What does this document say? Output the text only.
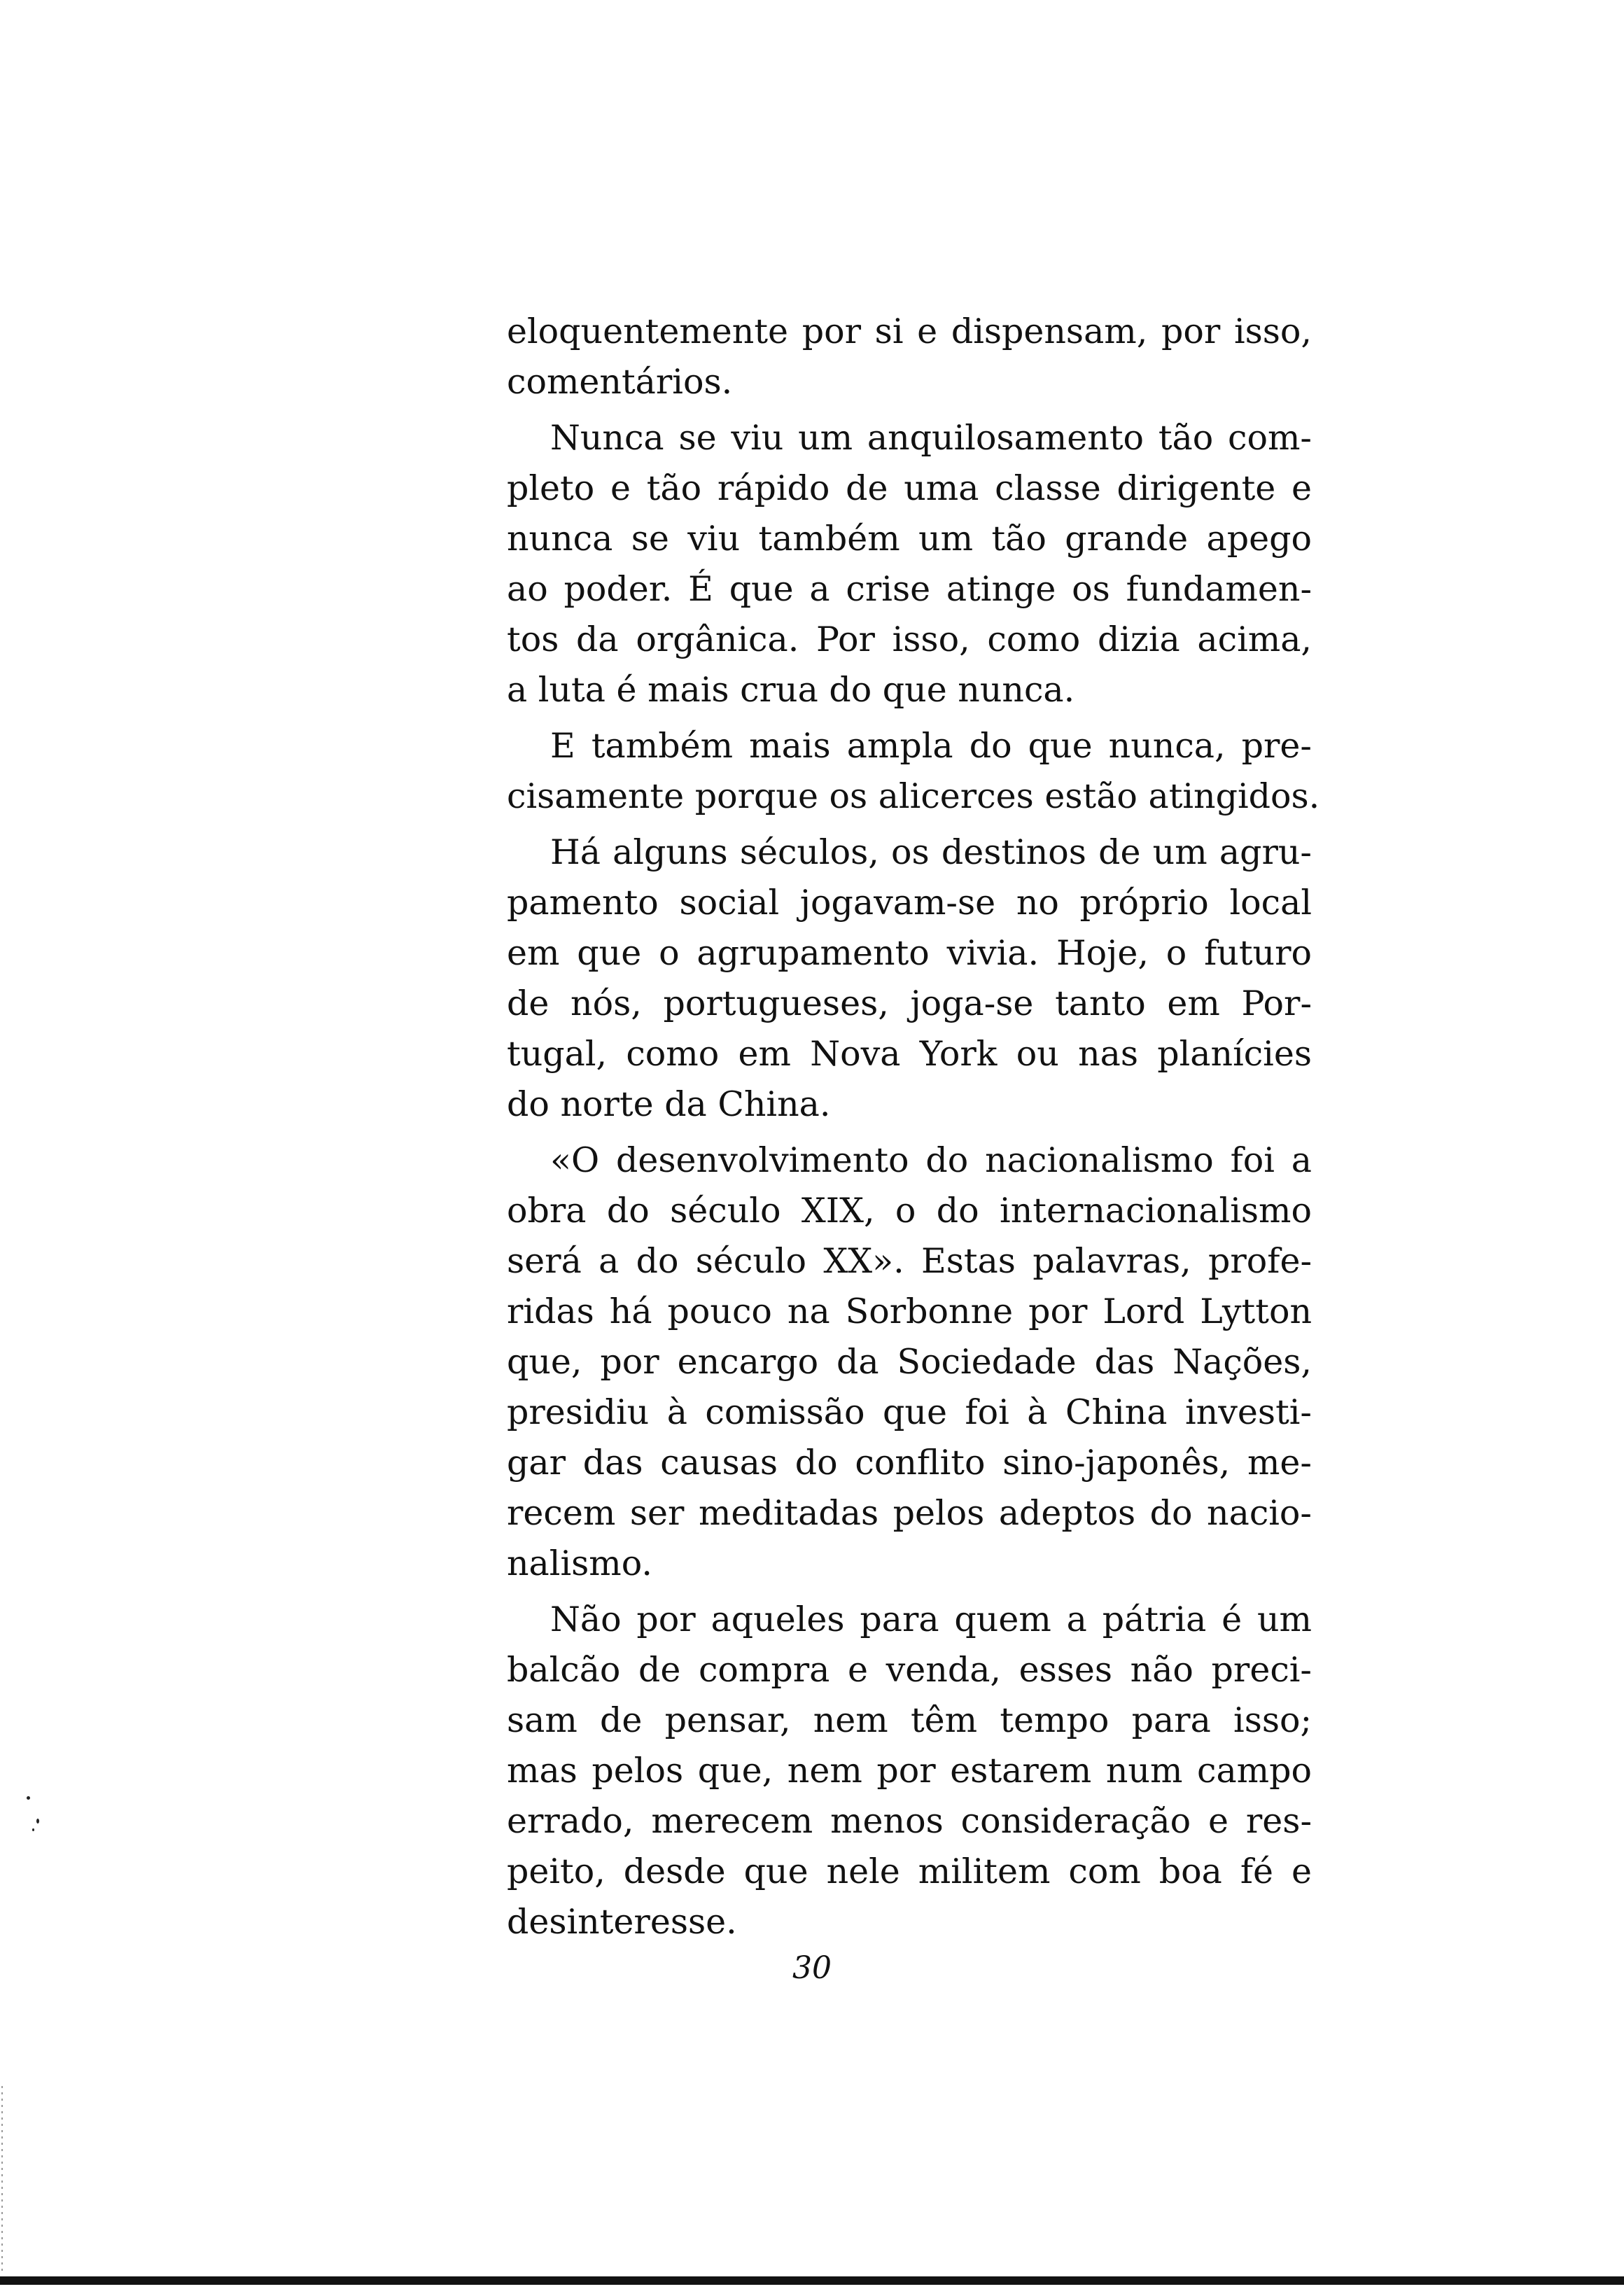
eloquentemente por si e dispensam, por isso,
comentários.
Nunca se viu um anquilosamento tão com-
pleto e tão rápido de uma classe dirigente e
nunca se viu também um tão grande apego
ao poder. É que a crise atinge os fundamen-
tos da orgânica. Por isso, como dizia acima,
a luta é mais crua do que nunca.
E também mais ampla do que nunca, pre-
cisamente porque os alicerces estão atingidos.
Há alguns séculos, os destinos de um agru-
pamento social jogavam-se no próprio local
em que o agrupamento vivia. Hoje, o futuro
de nós, portugueses, joga-se tanto em Por-
tugal, como em Nova York ou nas planícies
do norte da China.
«O desenvolvimento do nacionalismo foi a
obra do século XIX, o do internacionalismo
será a do século XX». Estas palavras, profe-
ridas há pouco na Sorbonne por Lord Lytton
que, por encargo da Sociedade das Nações,
presidiu à comissão que foi à China investi-
gar das causas do conflito sino-japonês, me-
recem ser meditadas pelos adeptos do nacio-
nalismo.
Não por aqueles para quem a pátria é um
balcão de compra e venda, esses não preci-
sam de pensar, nem têm tempo para isso;
mas pelos que, nem por estarem num campo
errado, merecem menos consideração e res-
peito, desde que nele militem com boa fé e
desinteresse.
30
